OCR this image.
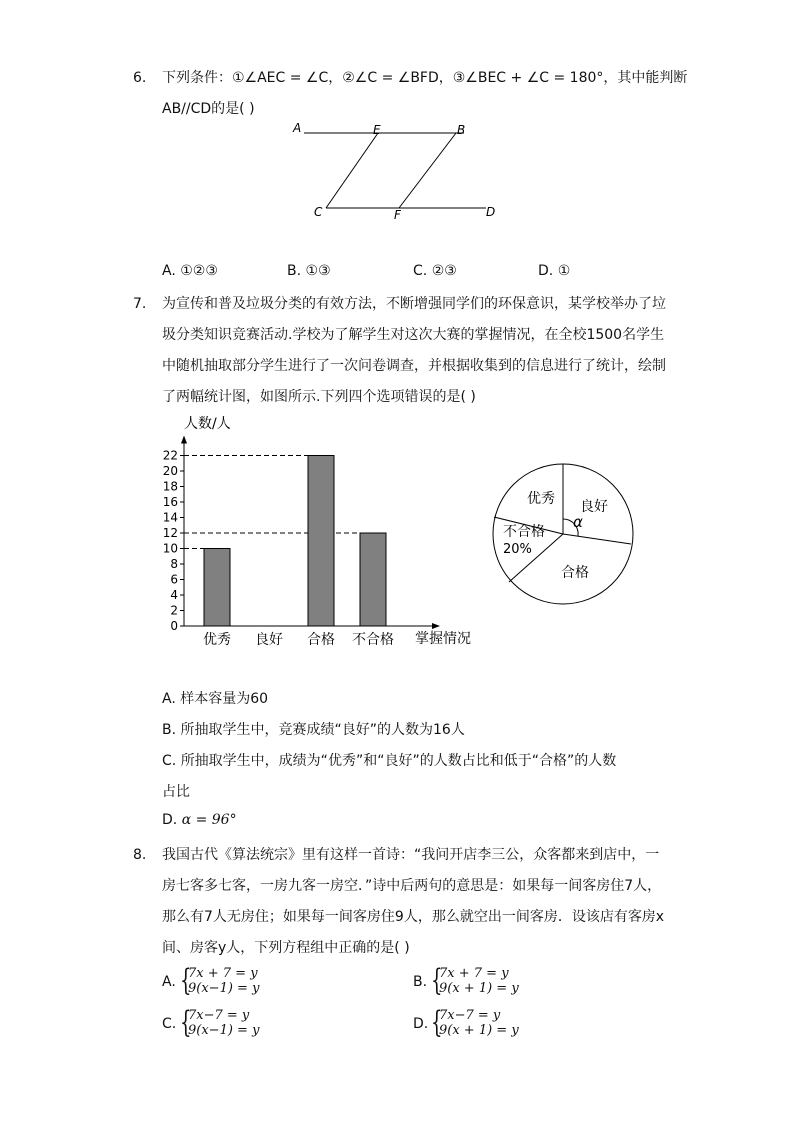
6. 下列条件：①∠AEC = ∠C，②∠C = ∠BFD，③∠BEC + ∠C = 180°，其中能判断
AB//CD的是( )
A	E	B
C	F	D
A. ①②③	B. ①③	C. ②③	D. ①
7. 为宣传和普及垃圾分类的有效方法，不断增强同学们的环保意识，某学校举办了垃
圾分类知识竞赛活动.学校为了解学生对这次大赛的掌握情况，在全校1500名学生
中随机抽取部分学生进行了一次问卷调查，并根据收集到的信息进行了统计，绘制
了两幅统计图，如图所示.下列四个选项错误的是( )
0
2
4
6
8
10
12
14
16
18
20
22
优秀 良好 合格 不合格
人数/人
掌握情况
优秀 良好
α
不合格
20%
合格
A. 样本容量为60
B. 所抽取学生中，竞赛成绩“良好”的人数为16人
C. 所抽取学生中，成绩为“优秀”和“良好”的人数占比和低于“合格”的人数
占比
D. α = 96°
8. 我国古代《算法统宗》里有这样一首诗：“我问开店李三公，众客都来到店中，一
房七客多七客，一房九客一房空．”诗中后两句的意思是：如果每一间客房住7人，
那么有7人无房住；如果每一间客房住9人，那么就空出一间客房．设该店有客房x
间、房客y人，下列方程组中正确的是( )
A. {
7x + 7 = y
9(x−1) = y	B. {
7x + 7 = y
9(x + 1) = y
C. {
7x−7 = y
9(x−1) = y	D. {
7x−7 = y
9(x + 1) = y
